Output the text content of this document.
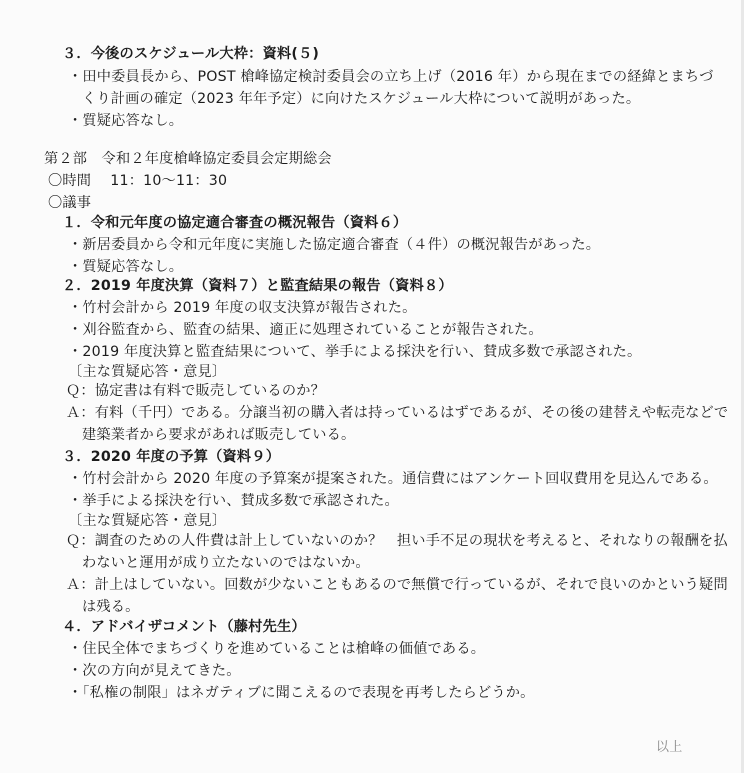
３．今後のスケジュール大枠：資料(５)
・田中委員長から、POST 槍峰協定検討委員会の立ち上げ（2016 年）から現在までの経緯とまちづ
くり計画の確定（2023 年年予定）に向けたスケジュール大枠について説明があった。
・質疑応答なし。
第２部　令和２年度槍峰協定委員会定期総会
〇時間　 11：10～11：30
〇議事
１．令和元年度の協定適合審査の概況報告（資料６）
・新居委員から令和元年度に実施した協定適合審査（４件）の概況報告があった。
・質疑応答なし。
２．2019 年度決算（資料７）と監査結果の報告（資料８）
・竹村会計から 2019 年度の収支決算が報告された。
・刈谷監査から、監査の結果、適正に処理されていることが報告された。
・2019 年度決算と監査結果について、挙手による採決を行い、賛成多数で承認された。
〔主な質疑応答・意見〕
Ｑ：協定書は有料で販売しているのか？
Ａ：有料（千円）である。分譲当初の購入者は持っているはずであるが、その後の建替えや転売などで
建築業者から要求があれば販売している。
３．2020 年度の予算（資料９）
・竹村会計から 2020 年度の予算案が提案された。通信費にはアンケート回収費用を見込んである。
・挙手による採決を行い、賛成多数で承認された。
〔主な質疑応答・意見〕
Ｑ：調査のための人件費は計上していないのか？　担い手不足の現状を考えると、それなりの報酬を払
わないと運用が成り立たないのではないか。
Ａ：計上はしていない。回数が少ないこともあるので無償で行っているが、それで良いのかという疑問
は残る。
４．アドバイザコメント（藤村先生）
・住民全体でまちづくりを進めていることは槍峰の価値である。
・次の方向が見えてきた。
・「私権の制限」はネガティブに聞こえるので表現を再考したらどうか。
以上
